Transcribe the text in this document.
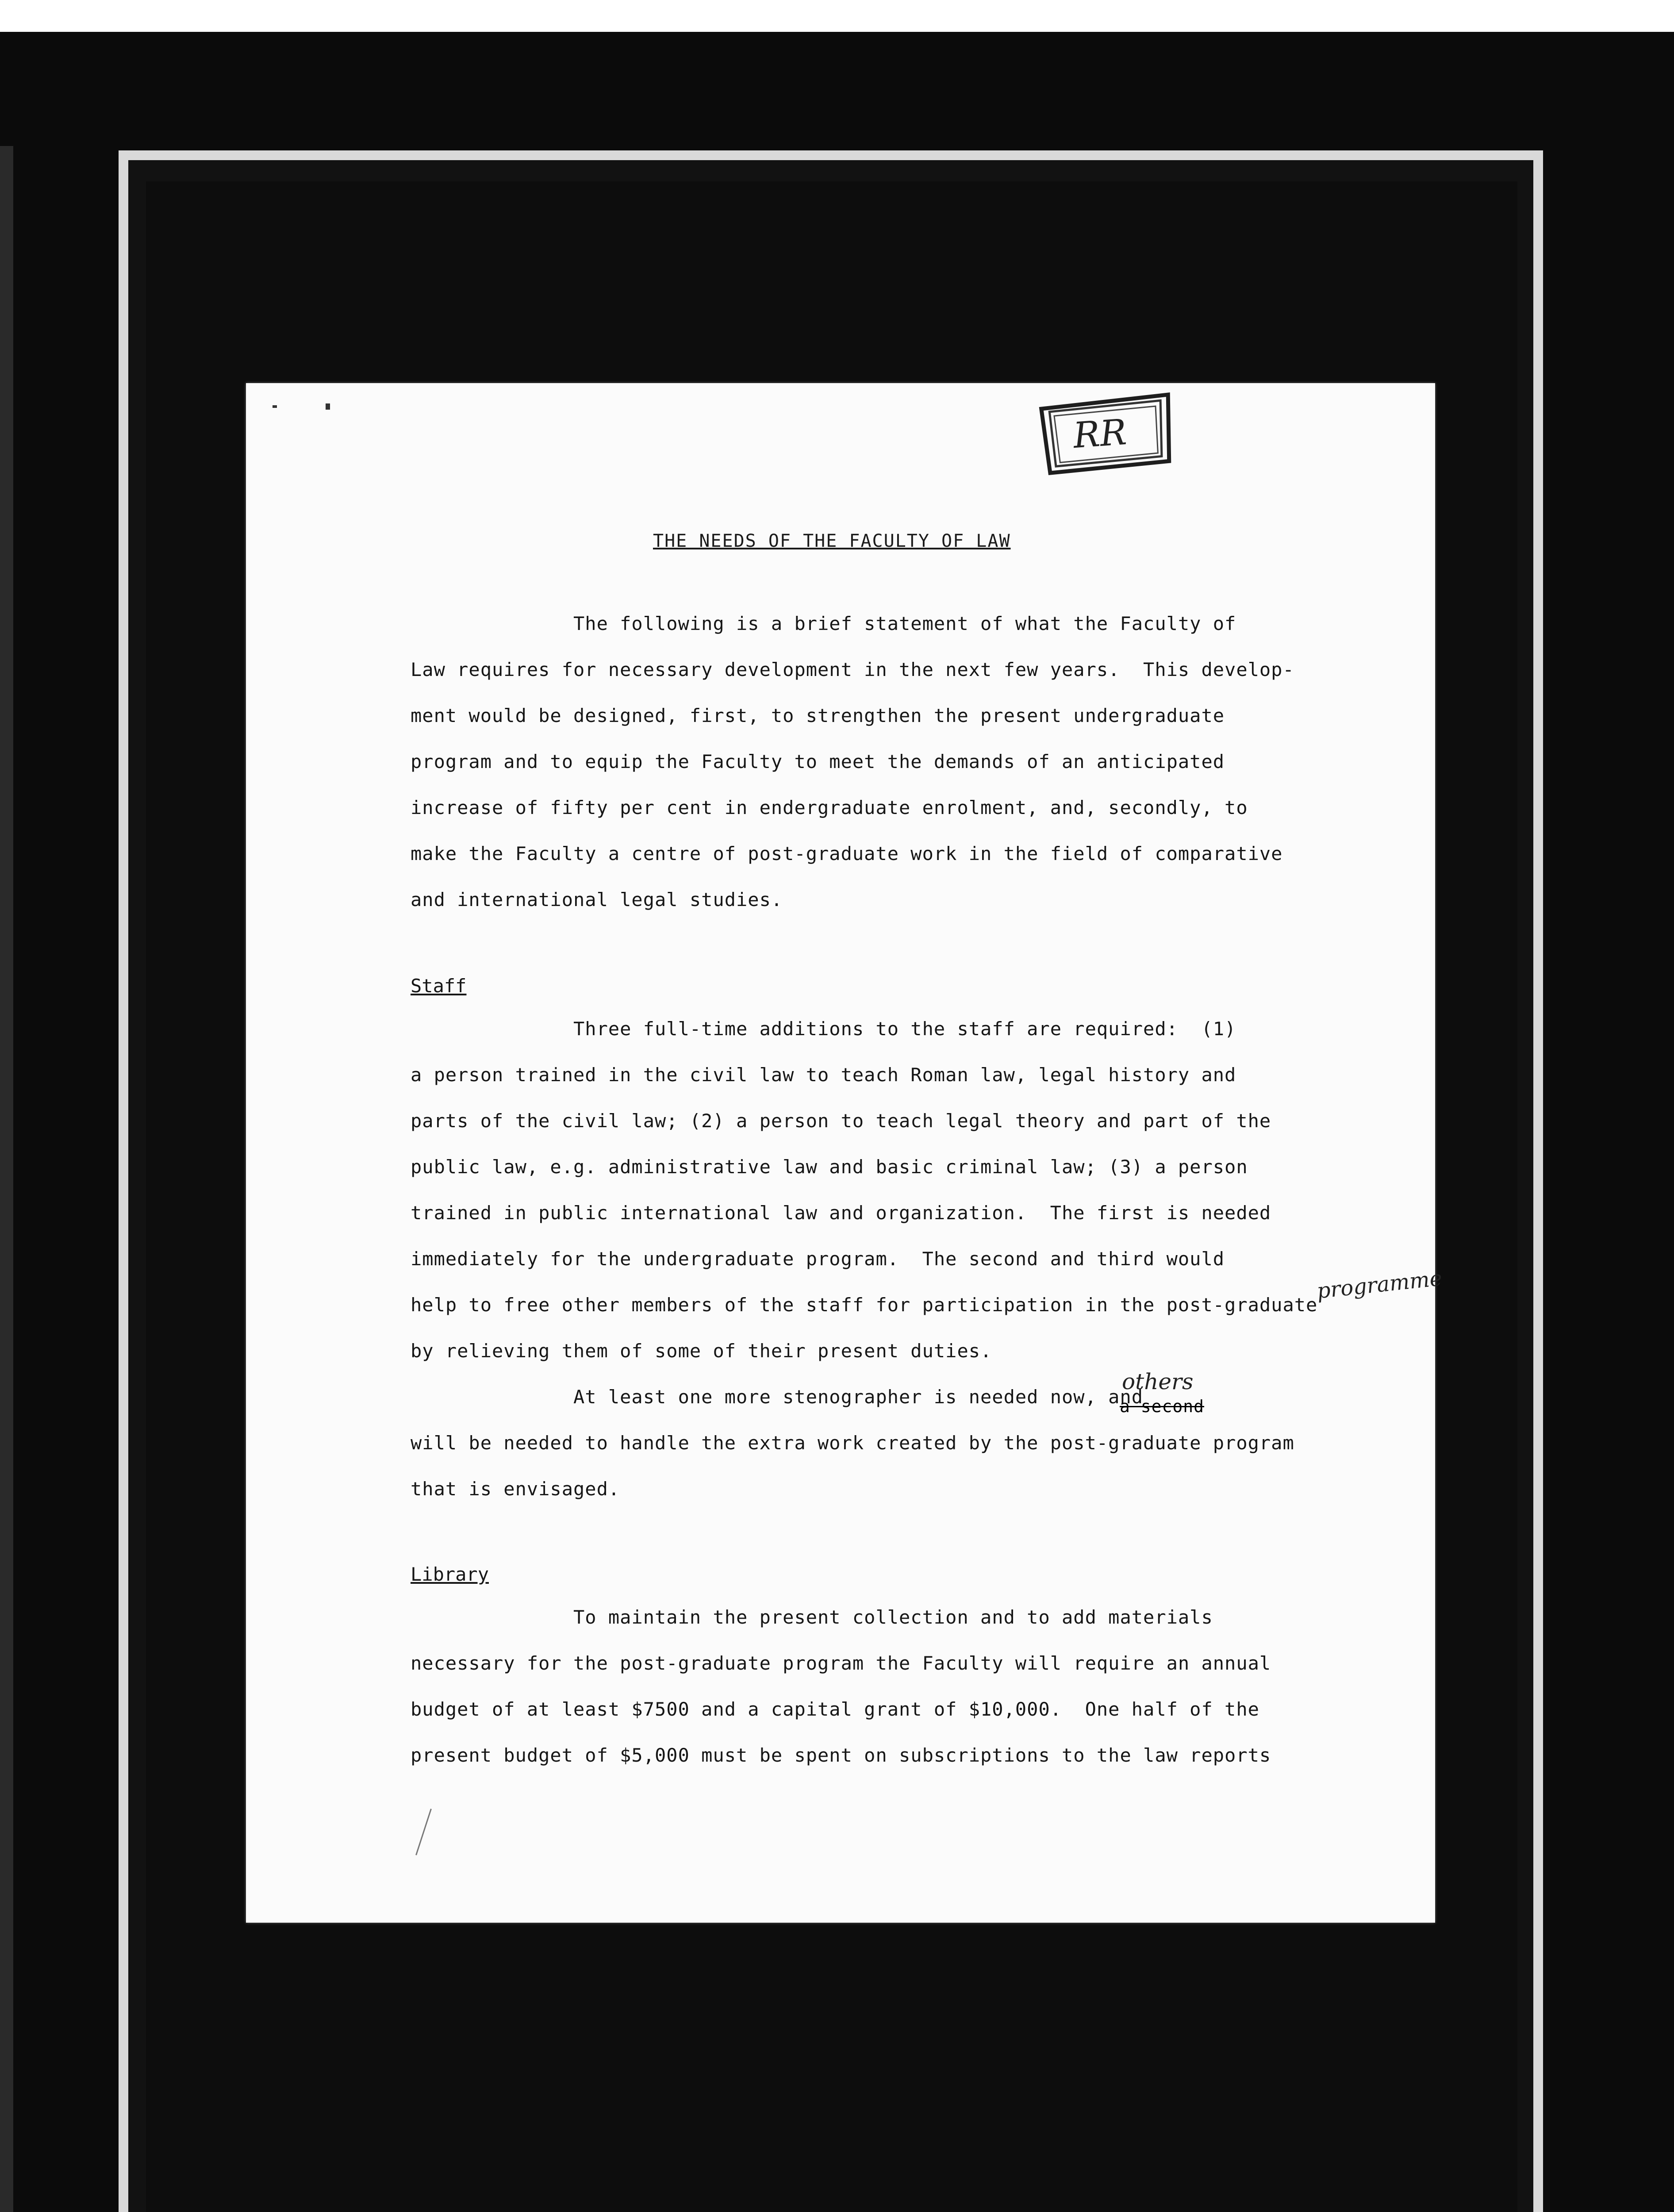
RR
THE NEEDS OF THE FACULTY OF LAW
The following is a brief statement of what the Faculty of
Law requires for necessary development in the next few years.  This develop-
ment would be designed, first, to strengthen the present undergraduate
program and to equip the Faculty to meet the demands of an anticipated
increase of fifty per cent in endergraduate enrolment, and, secondly, to
make the Faculty a centre of post-graduate work in the field of comparative
and international legal studies.
Staff
Three full-time additions to the staff are required:  (1)
a person trained in the civil law to teach Roman law, legal history and
parts of the civil law; (2) a person to teach legal theory and part of the
public law, e.g. administrative law and basic criminal law; (3) a person
trained in public international law and organization.  The first is needed
immediately for the undergraduate program.  The second and third would
help to free other members of the staff for participation in the post-graduate
by relieving them of some of their present duties.
At least one more stenographer is needed now, and
will be needed to handle the extra work created by the post-graduate program
that is envisaged.
programme
others
a second
Library
To maintain the present collection and to add materials
necessary for the post-graduate program the Faculty will require an annual
budget of at least $7500 and a capital grant of $10,000.  One half of the
present budget of $5,000 must be spent on subscriptions to the law reports
